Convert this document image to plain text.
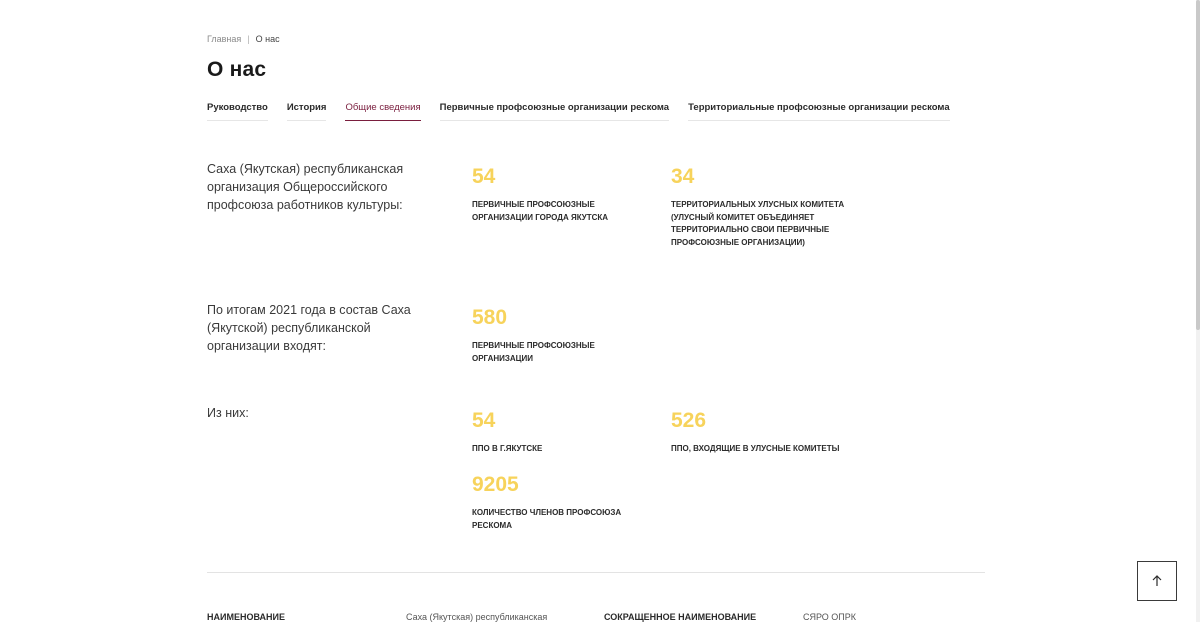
Главная | О нас
О нас
Руководство История Общие сведения Первичные профсоюзные организации рескома Территориальные профсоюзные организации рескома
Саха (Якутская) республиканская организация Общероссийского профсоюза работников культуры:
54
ПЕРВИЧНЫЕ ПРОФСОЮЗНЫЕ ОРГАНИЗАЦИИ ГОРОДА ЯКУТСКА
34
ТЕРРИТОРИАЛЬНЫХ УЛУСНЫХ КОМИТЕТА (УЛУСНЫЙ КОМИТЕТ ОБЪЕДИНЯЕТ ТЕРРИТОРИАЛЬНО СВОИ ПЕРВИЧНЫЕ ПРОФСОЮЗНЫЕ ОРГАНИЗАЦИИ)
По итогам 2021 года в состав Саха (Якутской) республиканской организации входят:
580
ПЕРВИЧНЫЕ ПРОФСОЮЗНЫЕ ОРГАНИЗАЦИИ
Из них:	54
ППО В Г.ЯКУТСКЕ
526
ППО, ВХОДЯЩИЕ В УЛУСНЫЕ КОМИТЕТЫ
9205
КОЛИЧЕСТВО ЧЛЕНОВ ПРОФСОЮЗА РЕСКОМА
НАИМЕНОВАНИЕ	Саха (Якутская) республиканская	СОКРАЩЕННОЕ НАИМЕНОВАНИЕ	СЯРО ОПРК
